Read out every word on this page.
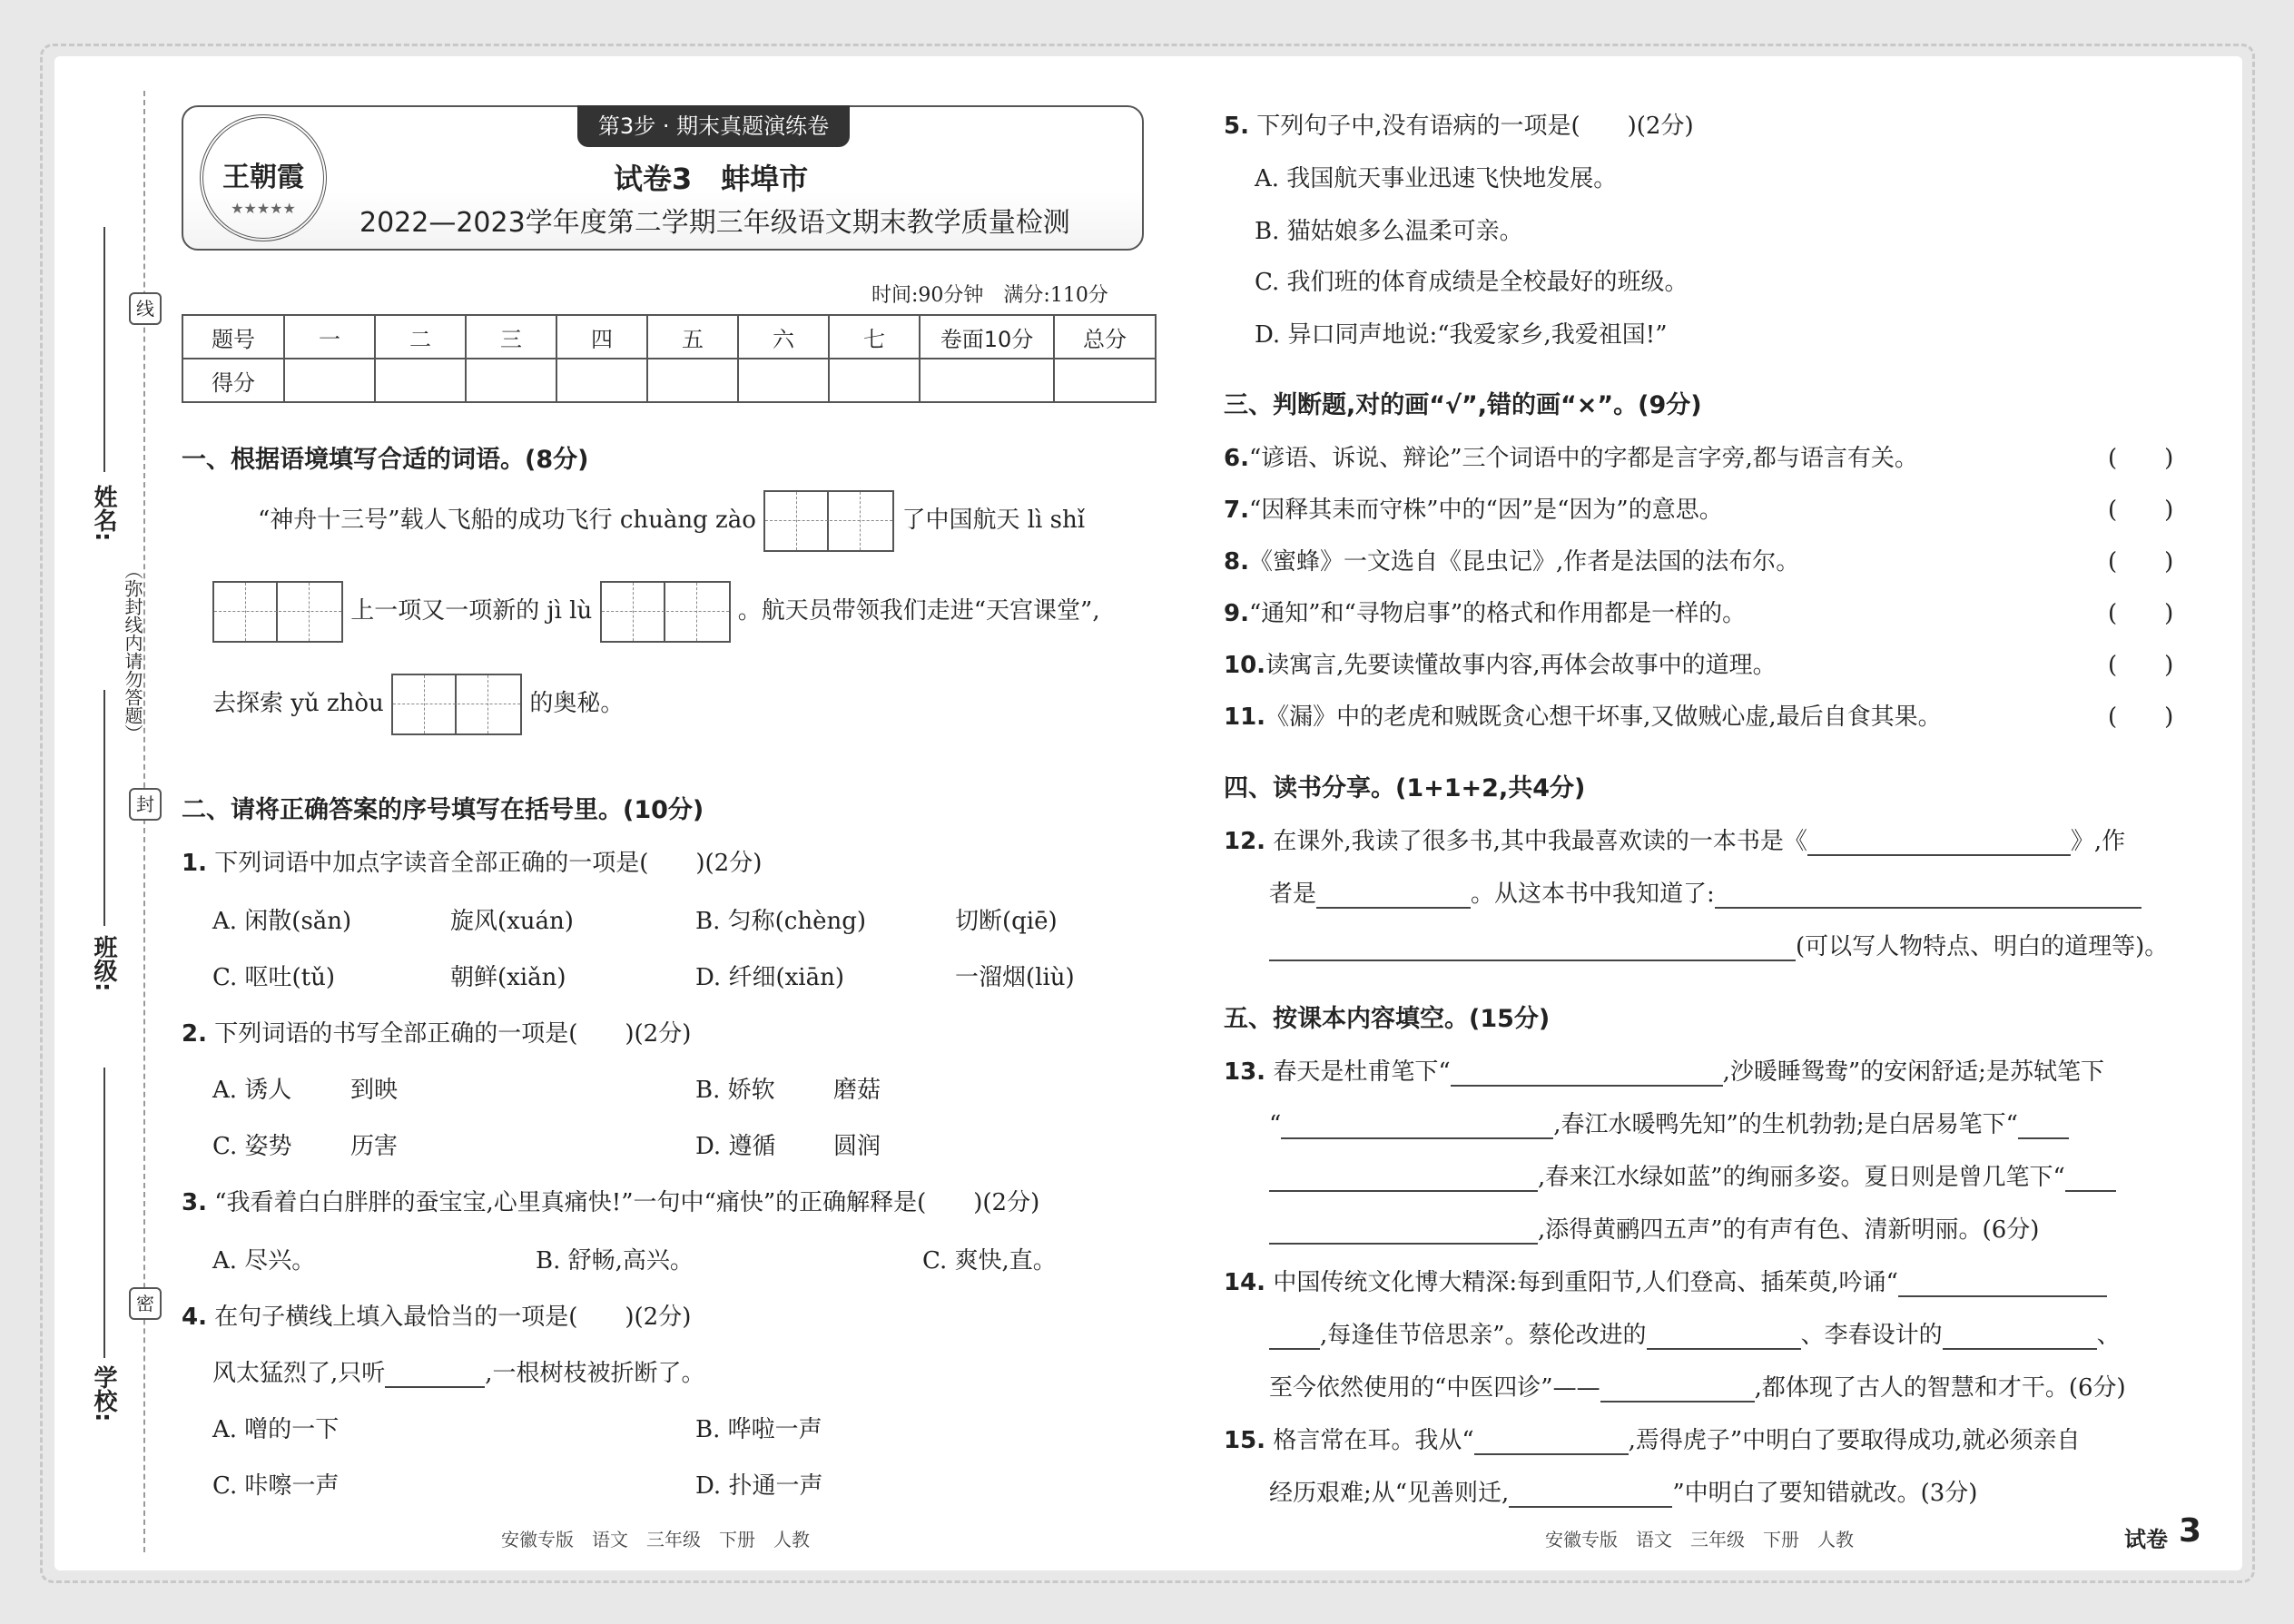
线
（弥封线内请勿答题）
封
密
姓名:
班级:
学校:
第3步 · 期末真题演练卷
王朝霞
★★★★★
试卷3　蚌埠市
2022—2023学年度第二学期三年级语文期末教学质量检测
时间:90分钟　满分:110分
题号	一	二	三	四	五	六	七	卷面10分	总分
得分									
一、根据语境填写合适的词语。(8分)
“神舟十三号”载人飞船的成功飞行 chuàng zào	了中国航天 lì shǐ
上一项又一项新的 jì lù	。航天员带领我们走进“天宫课堂”,
去探索 yǔ zhòu	的奥秘。
二、请将正确答案的序号填写在括号里。(10分)
1. 下列词语中加点字读音全部正确的一项是(　　)(2分)
A. 闲散(sǎn)	旋风(xuán)	B. 匀称(chèng)	切断(qiē)
C. 呕吐(tǔ)	朝鲜(xiǎn)	D. 纤细(xiān)	一溜烟(liù)
2. 下列词语的书写全部正确的一项是(　　)(2分)
A. 诱人 到映	B. 娇软 磨菇
C. 姿势 历害	D. 遵循 圆润
3. “我看着白白胖胖的蚕宝宝,心里真痛快!”一句中“痛快”的正确解释是(　　)(2分)
A. 尽兴。	B. 舒畅,高兴。	C. 爽快,直。
4. 在句子横线上填入最恰当的一项是(　　)(2分)
风太猛烈了,只听	,一根树枝被折断了。
A. 噌的一下	B. 哗啦一声
C. 咔嚓一声	D. 扑通一声
安徽专版　语文　三年级　下册　人教
5. 下列句子中,没有语病的一项是(　　)(2分)
A. 我国航天事业迅速飞快地发展。
B. 猫姑娘多么温柔可亲。
C. 我们班的体育成绩是全校最好的班级。
D. 异口同声地说:“我爱家乡,我爱祖国!”
三、判断题,对的画“√”,错的画“×”。(9分)
6.“谚语、诉说、辩论”三个词语中的字都是言字旁,都与语言有关。	(　　)
7.“因释其耒而守株”中的“因”是“因为”的意思。	(　　)
8.《蜜蜂》一文选自《昆虫记》,作者是法国的法布尔。	(　　)
9.“通知”和“寻物启事”的格式和作用都是一样的。	(　　)
10.读寓言,先要读懂故事内容,再体会故事中的道理。	(　　)
11.《漏》中的老虎和贼既贪心想干坏事,又做贼心虚,最后自食其果。	(　　)
四、读书分享。(1+1+2,共4分)
12. 在课外,我读了很多书,其中我最喜欢读的一本书是《	》,作
者是	。从这本书中我知道了:
(可以写人物特点、明白的道理等)。
五、按课本内容填空。(15分)
13. 春天是杜甫笔下“	,沙暖睡鸳鸯”的安闲舒适;是苏轼笔下
“	,春江水暖鸭先知”的生机勃勃;是白居易笔下“
,春来江水绿如蓝”的绚丽多姿。夏日则是曾几笔下“
,添得黄鹂四五声”的有声有色、清新明丽。(6分)
14. 中国传统文化博大精深:每到重阳节,人们登高、插茱萸,吟诵“
,每逢佳节倍思亲”。蔡伦改进的	、李春设计的	、
至今依然使用的“中医四诊”——	,都体现了古人的智慧和才干。(6分)
15. 格言常在耳。我从“	,焉得虎子”中明白了要取得成功,就必须亲自
经历艰难;从“见善则迁,	”中明白了要知错就改。(3分)
安徽专版　语文　三年级　下册　人教	试卷 3
